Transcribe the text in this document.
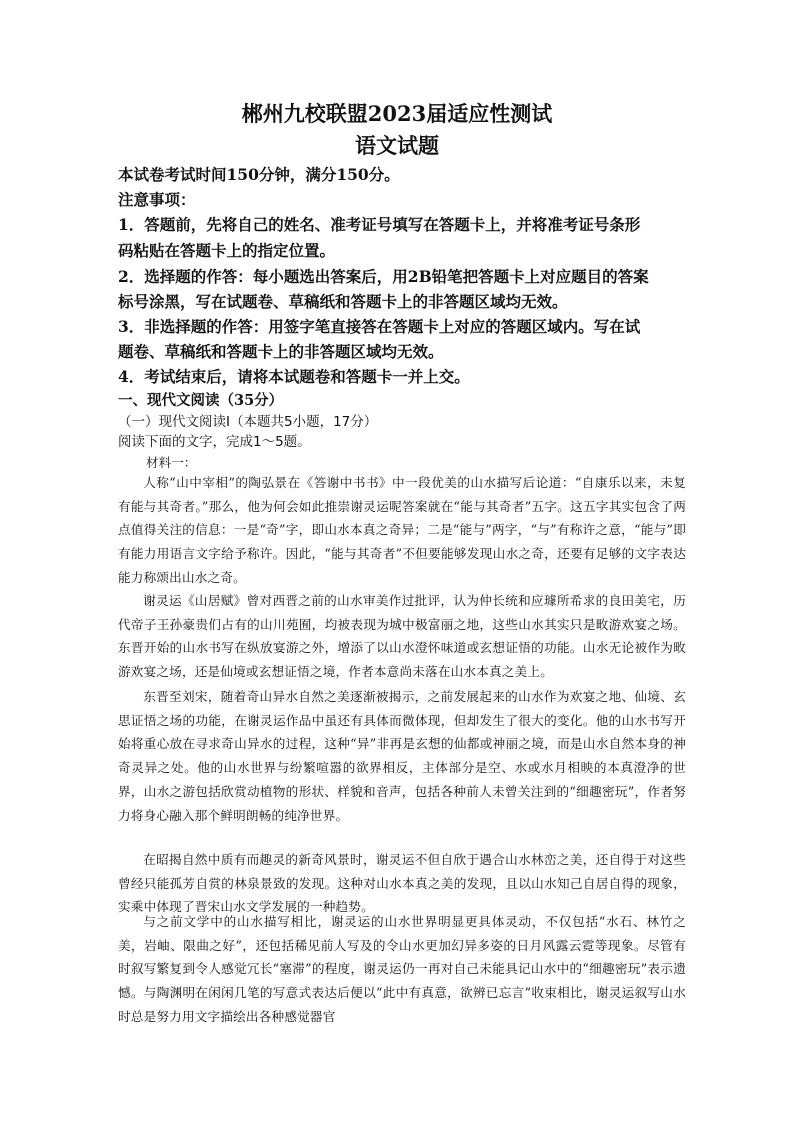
郴州九校联盟2023届适应性测试
语文试题
本试卷考试时间150分钟，满分150分。
注意事项：
1．答题前，先将自己的姓名、准考证号填写在答题卡上，并将准考证号条形
码粘贴在答题卡上的指定位置。
2．选择题的作答：每小题选出答案后，用2B铅笔把答题卡上对应题目的答案
标号涂黑，写在试题卷、草稿纸和答题卡上的非答题区域均无效。
3．非选择题的作答：用签字笔直接答在答题卡上对应的答题区域内。写在试
题卷、草稿纸和答题卡上的非答题区域均无效。
4．考试结束后，请将本试题卷和答题卡一并上交。
一、现代文阅读（35分）
（一）现代文阅读Ⅰ（本题共5小题，17分）
阅读下面的文字，完成1～5题。
材料一：

人称“山中宰相”的陶弘景在《答谢中书书》中一段优美的山水描写后论道：“自康乐以来，未复有能与其奇者。”那么，他为何会如此推崇谢灵运呢答案就在“能与其奇者”五字。这五字其实包含了两点值得关注的信息：一是“奇”字，即山水本真之奇异；二是“能与”两字，“与”有称许之意，“能与”即有能力用语言文字给予称许。因此，“能与其奇者”不但要能够发现山水之奇，还要有足够的文字表达能力称颂出山水之奇。

谢灵运《山居赋》曾对西晋之前的山水审美作过批评，认为仲长统和应璩所希求的良田美宅，历代帝子王孙豪贵们占有的山川苑囿，均被表现为城中极富丽之地，这些山水其实只是畋游欢宴之场。东晋开始的山水书写在纵放宴游之外，增添了以山水澄怀味道或玄想证悟的功能。山水无论被作为畋游欢宴之场，还是仙境或玄想证悟之境，作者本意尚未落在山水本真之美上。

东晋至刘宋，随着奇山异水自然之美逐渐被揭示，之前发展起来的山水作为欢宴之地、仙境、玄思证悟之场的功能，在谢灵运作品中虽还有具体而微体现，但却发生了很大的变化。他的山水书写开始将重心放在寻求奇山异水的过程，这种“异”非再是玄想的仙都或神丽之境，而是山水自然本身的神奇灵异之处。他的山水世界与纷繁喧嚣的欲界相反，主体部分是空、水或水月相映的本真澄净的世界，山水之游包括欣赏动植物的形状、样貌和音声，包括各种前人未曾关注到的“细趣密玩”，作者努力将身心融入那个鲜明朗畅的纯净世界。

在昭揭自然中质有而趣灵的新奇风景时，谢灵运不但自欣于遇合山水林峦之美，还自得于对这些曾经只能孤芳自赏的林泉景致的发现。这种对山水本真之美的发现，且以山水知己自居自得的现象，实乘中体现了晋宋山水文学发展的一种趋势。

与之前文学中的山水描写相比，谢灵运的山水世界明显更具体灵动，不仅包括“水石、林竹之美，岩岫、限曲之好”，还包括稀见前人写及的令山水更加幻异多姿的日月风露云霓等现象。尽管有时叙写繁复到令人感觉冗长“塞滞”的程度，谢灵运仍一再对自己未能具记山水中的“细趣密玩”表示遗憾。与陶渊明在闲闲几笔的写意式表达后便以“此中有真意，欲辨已忘言”收束相比，谢灵运叙写山水时总是努力用文字描绘出各种感觉器官
